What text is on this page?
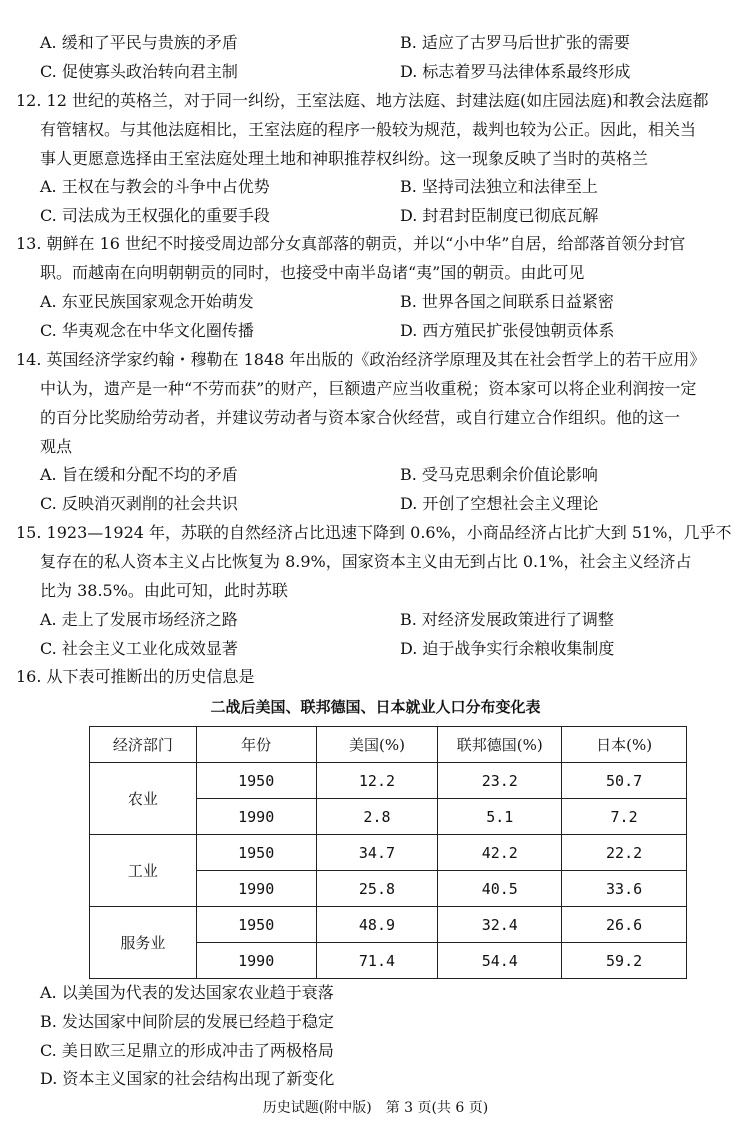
A. 缓和了平民与贵族的矛盾	B. 适应了古罗马后世扩张的需要
C. 促使寡头政治转向君主制	D. 标志着罗马法律体系最终形成
12. 12 世纪的英格兰，对于同一纠纷，王室法庭、地方法庭、封建法庭(如庄园法庭)和教会法庭都
有管辖权。与其他法庭相比，王室法庭的程序一般较为规范，裁判也较为公正。因此，相关当
事人更愿意选择由王室法庭处理土地和神职推荐权纠纷。这一现象反映了当时的英格兰
A. 王权在与教会的斗争中占优势	B. 坚持司法独立和法律至上
C. 司法成为王权强化的重要手段	D. 封君封臣制度已彻底瓦解
13. 朝鲜在 16 世纪不时接受周边部分女真部落的朝贡，并以“小中华”自居，给部落首领分封官
职。而越南在向明朝朝贡的同时，也接受中南半岛诸“夷”国的朝贡。由此可见
A. 东亚民族国家观念开始萌发	B. 世界各国之间联系日益紧密
C. 华夷观念在中华文化圈传播	D. 西方殖民扩张侵蚀朝贡体系
14. 英国经济学家约翰・穆勒在 1848 年出版的《政治经济学原理及其在社会哲学上的若干应用》
中认为，遗产是一种“不劳而获”的财产，巨额遗产应当收重税；资本家可以将企业利润按一定
的百分比奖励给劳动者，并建议劳动者与资本家合伙经营，或自行建立合作组织。他的这一
观点
A. 旨在缓和分配不均的矛盾	B. 受马克思剩余价值论影响
C. 反映消灭剥削的社会共识	D. 开创了空想社会主义理论
15. 1923—1924 年，苏联的自然经济占比迅速下降到 0.6%，小商品经济占比扩大到 51%，几乎不
复存在的私人资本主义占比恢复为 8.9%，国家资本主义由无到占比 0.1%，社会主义经济占
比为 38.5%。由此可知，此时苏联
A. 走上了发展市场经济之路	B. 对经济发展政策进行了调整
C. 社会主义工业化成效显著	D. 迫于战争实行余粮收集制度
16. 从下表可推断出的历史信息是
二战后美国、联邦德国、日本就业人口分布变化表
经济部门	年份	美国(%)	联邦德国(%)	日本(%)
农业	1950	12.2	23.2	50.7
	1990	2.8	5.1	7.2
工业	1950	34.7	42.2	22.2
	1990	25.8	40.5	33.6
服务业	1950	48.9	32.4	26.6
	1990	71.4	54.4	59.2
A. 以美国为代表的发达国家农业趋于衰落
B. 发达国家中间阶层的发展已经趋于稳定
C. 美日欧三足鼎立的形成冲击了两极格局
D. 资本主义国家的社会结构出现了新变化
历史试题(附中版)　第 3 页(共 6 页)
